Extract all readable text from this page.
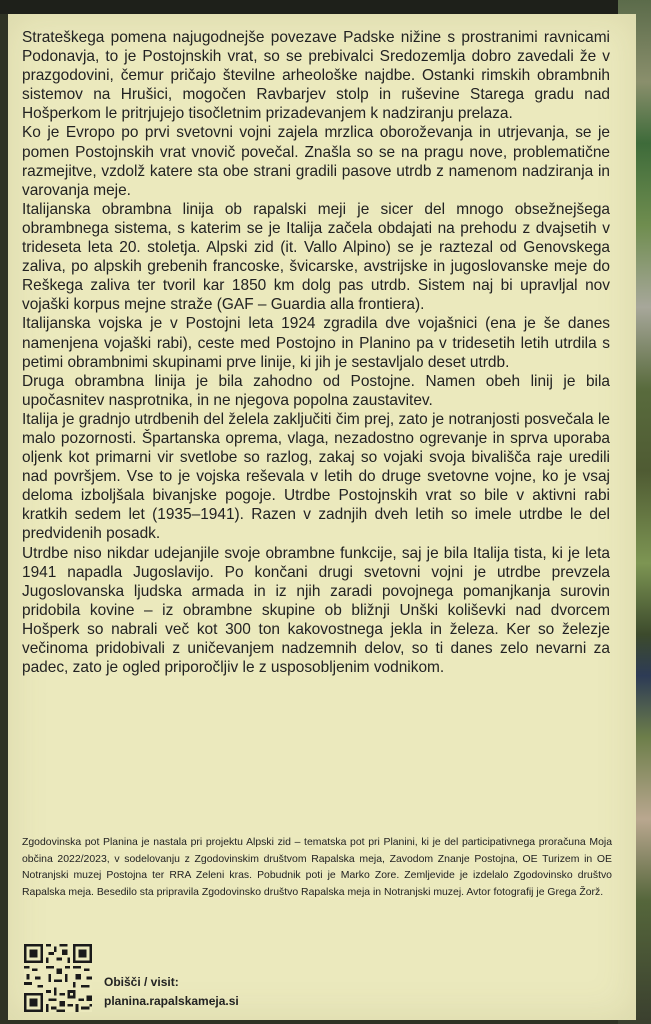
Strateškega pomena najugodnejše povezave Padske nižine s prostranimi ravnicami Podonavja, to je Postojnskih vrat, so se prebivalci Sredozemlja dobro zavedali že v prazgodovini, čemur pričajo številne arheološke najdbe. Ostanki rimskih obrambnih sistemov na Hrušici, mogočen Ravbarjev stolp in ruševine Starega gradu nad Hošperkom le pritrjujejo tisočletnim prizadevanjem k nadziranju prelaza.

Ko je Evropo po prvi svetovni vojni zajela mrzlica oboroževanja in utrjevanja, se je pomen Postojnskih vrat vnovič povečal. Znašla so se na pragu nove, problematične razmejitve, vzdolž katere sta obe strani gradili pasove utrdb z namenom nadziranja in varovanja meje.

Italijanska obrambna linija ob rapalski meji je sicer del mnogo obsežnejšega obrambnega sistema, s katerim se je Italija začela obdajati na prehodu z dvajsetih v trideseta leta 20. stoletja. Alpski zid (it. Vallo Alpino) se je raztezal od Genovskega zaliva, po alpskih grebenih francoske, švicarske, avstrijske in jugoslovanske meje do Reškega zaliva ter tvoril kar 1850 km dolg pas utrdb. Sistem naj bi upravljal nov vojaški korpus mejne straže (GAF – Guardia alla frontiera).

Italijanska vojska je v Postojni leta 1924 zgradila dve vojašnici (ena je še danes namenjena vojaški rabi), ceste med Postojno in Planino pa v tridesetih letih utrdila s petimi obrambnimi skupinami prve linije, ki jih je sestavljalo deset utrdb.

Druga obrambna linija je bila zahodno od Postojne. Namen obeh linij je bila upočasnitev nasprotnika, in ne njegova popolna zaustavitev.

Italija je gradnjo utrdbenih del želela zaključiti čim prej, zato je notranjosti posvečala le malo pozornosti. Špartanska oprema, vlaga, nezadostno ogrevanje in sprva uporaba oljenk kot primarni vir svetlobe so razlog, zakaj so vojaki svoja bivališča raje uredili nad površjem. Vse to je vojska reševala v letih do druge svetovne vojne, ko je vsaj deloma izboljšala bivanjske pogoje. Utrdbe Postojnskih vrat so bile v aktivni rabi kratkih sedem let (1935–1941). Razen v zadnjih dveh letih so imele utrdbe le del predvidenih posadk.

Utrdbe niso nikdar udejanjile svoje obrambne funkcije, saj je bila Italija tista, ki je leta 1941 napadla Jugoslavijo. Po končani drugi svetovni vojni je utrdbe prevzela Jugoslovanska ljudska armada in iz njih zaradi povojnega pomanjkanja surovin pridobila kovine – iz obrambne skupine ob bližnji Unški koliševki nad dvorcem Hošperk so nabrali več kot 300 ton kakovostnega jekla in železa. Ker so železje večinoma pridobivali z uničevanjem nadzemnih delov, so ti danes zelo nevarni za padec, zato je ogled priporočljiv le z usposobljenim vodnikom.

Zgodovinska pot Planina je nastala pri projektu Alpski zid – tematska pot pri Planini, ki je del participativnega proračuna Moja občina 2022/2023, v sodelovanju z Zgodovinskim društvom Rapalska meja, Zavodom Znanje Postojna, OE Turizem in OE Notranjski muzej Postojna ter RRA Zeleni kras. Pobudnik poti je Marko Zore. Zemljevide je izdelalo Zgodovinsko društvo Rapalska meja. Besedilo sta pripravila Zgodovinsko društvo Rapalska meja in Notranjski muzej. Avtor fotografij je Grega Žorž.
Obišči / visit:
planina.rapalskameja.si
